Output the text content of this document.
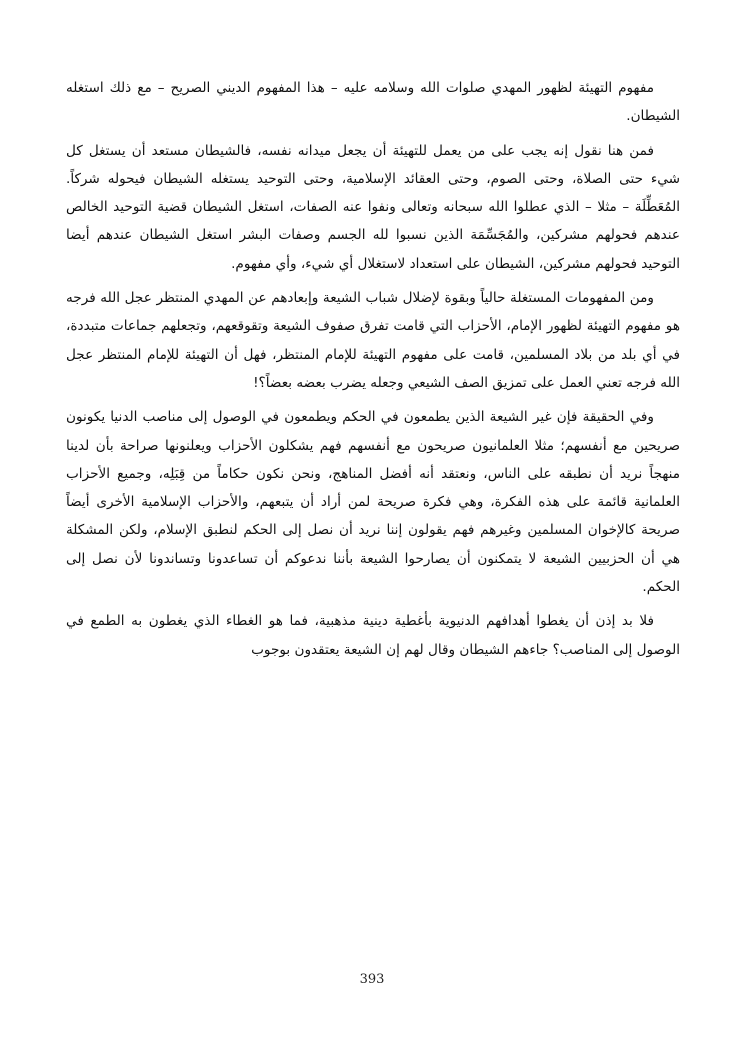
مفهوم التهيئة لظهور المهدي صلوات الله وسلامه عليه – هذا المفهوم الديني الصريح – مع ذلك استغله الشيطان.

فمن هنا نقول إنه يجب على من يعمل للتهيئة أن يجعل ميدانه نفسه، فالشيطان مستعد أن يستغل كل شيء حتى الصلاة، وحتى الصوم، وحتى العقائد الإسلامية، وحتى التوحيد يستغله الشيطان فيحوله شركاً. المُعَطِّلَة – مثلا – الذي عطلوا الله سبحانه وتعالى ونفوا عنه الصفات، استغل الشيطان قضية التوحيد الخالص عندهم فحولهم مشركين، والمُجَسِّمَة الذين نسبوا لله الجسم وصفات البشر استغل الشيطان عندهم أيضا التوحيد فحولهم مشركين، الشيطان على استعداد لاستغلال أي شيء، وأي مفهوم.

ومن المفهومات المستغلة حالياً وبقوة لإضلال شباب الشيعة وإبعادهم عن المهدي المنتظر عجل الله فرجه هو مفهوم التهيئة لظهور الإمام، الأحزاب التي قامت تفرق صفوف الشيعة وتقوقعهم، وتجعلهم جماعات متبددة، في أي بلد من بلاد المسلمين، قامت على مفهوم التهيئة للإمام المنتظر، فهل أن التهيئة للإمام المنتظر عجل الله فرجه تعني العمل على تمزيق الصف الشيعي وجعله يضرب بعضه بعضاً؟!

وفي الحقيقة فإن غير الشيعة الذين يطمعون في الحكم ويطمعون في الوصول إلى مناصب الدنيا يكونون صريحين مع أنفسهم؛ مثلا العلمانيون صريحون مع أنفسهم فهم يشكلون الأحزاب ويعلنونها صراحة بأن لدينا منهجاً نريد أن نطبقه على الناس، ونعتقد أنه أفضل المناهج، ونحن نكون حكاماً من قِبَلِه، وجميع الأحزاب العلمانية قائمة على هذه الفكرة، وهي فكرة صريحة لمن أراد أن يتبعهم، والأحزاب الإسلامية الأخرى أيضاً صريحة كالإخوان المسلمين وغيرهم فهم يقولون إننا نريد أن نصل إلى الحكم لنطبق الإسلام، ولكن المشكلة هي أن الحزبيين الشيعة لا يتمكنون أن يصارحوا الشيعة بأننا ندعوكم أن تساعدونا وتساندونا لأن نصل إلى الحكم.

فلا بد إذن أن يغطوا أهدافهم الدنيوية بأغطية دينية مذهبية، فما هو الغطاء الذي يغطون به الطمع في الوصول إلى المناصب؟ جاءهم الشيطان وقال لهم إن الشيعة يعتقدون بوجوب

393
